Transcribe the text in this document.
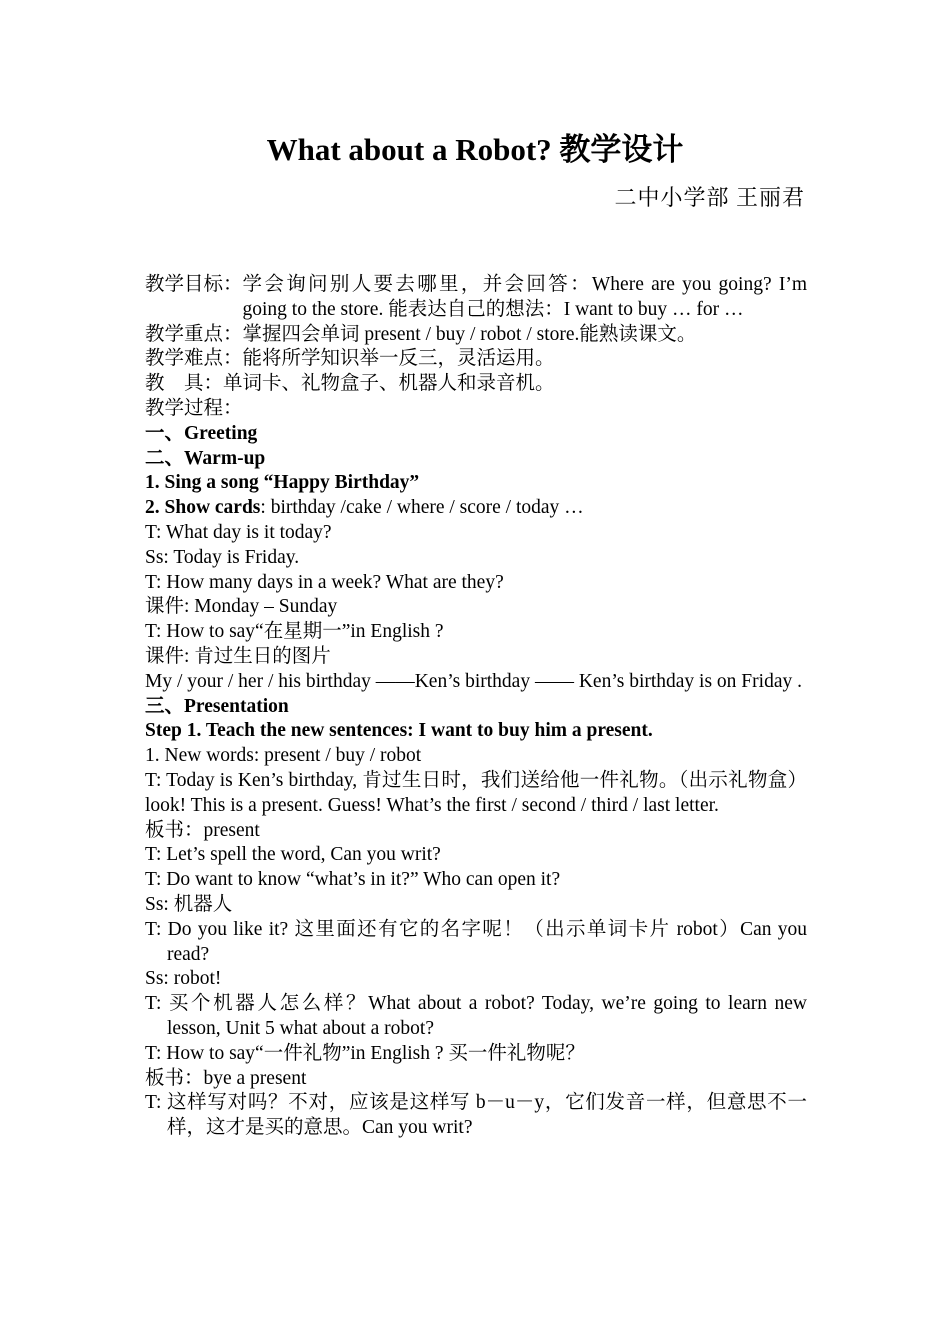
What about a Robot? 教学设计
二中小学部 王丽君
教学目标： 学会询问别人要去哪里，并会回答：Where are you going? I’m going to the store. 能表达自己的想法：I want to buy … for …
教学重点： 掌握四会单词 present / buy / robot / store.能熟读课文。
教学难点： 能将所学知识举一反三，灵活运用。
教　具： 单词卡、礼物盒子、机器人和录音机。

教学过程：

一、Greeting

二、Warm-up

1. Sing a song “Happy Birthday”

2. Show cards: birthday /cake / where / score / today …

T: What day is it today?

Ss: Today is Friday.

T: How many days in a week? What are they?

课件: Monday – Sunday

T: How to say“在星期一”in English ?

课件: 肯过生日的图片

My / your / her / his birthday ——Ken’s birthday —— Ken’s birthday is on Friday .

三、Presentation

Step 1. Teach the new sentences: I want to buy him a present.

1. New words: present / buy / robot

T: Today is Ken’s birthday, 肯过生日时，我们送给他一件礼物。（出示礼物盒）look! This is a present. Guess! What’s the first / second / third / last letter.

板书：present

T: Let’s spell the word, Can you writ?

T: Do want to know “what’s in it?” Who can open it?

Ss: 机器人

T: Do you like it? 这里面还有它的名字呢！（出示单词卡片 robot）Can you read?

Ss: robot!

T: 买个机器人怎么样？What about a robot? Today, we’re going to learn new lesson, Unit 5 what about a robot?

T: How to say“一件礼物”in English ? 买一件礼物呢？

板书：bye a present

T: 这样写对吗？不对，应该是这样写 b－u－y，它们发音一样，但意思不一样，这才是买的意思。Can you writ?
